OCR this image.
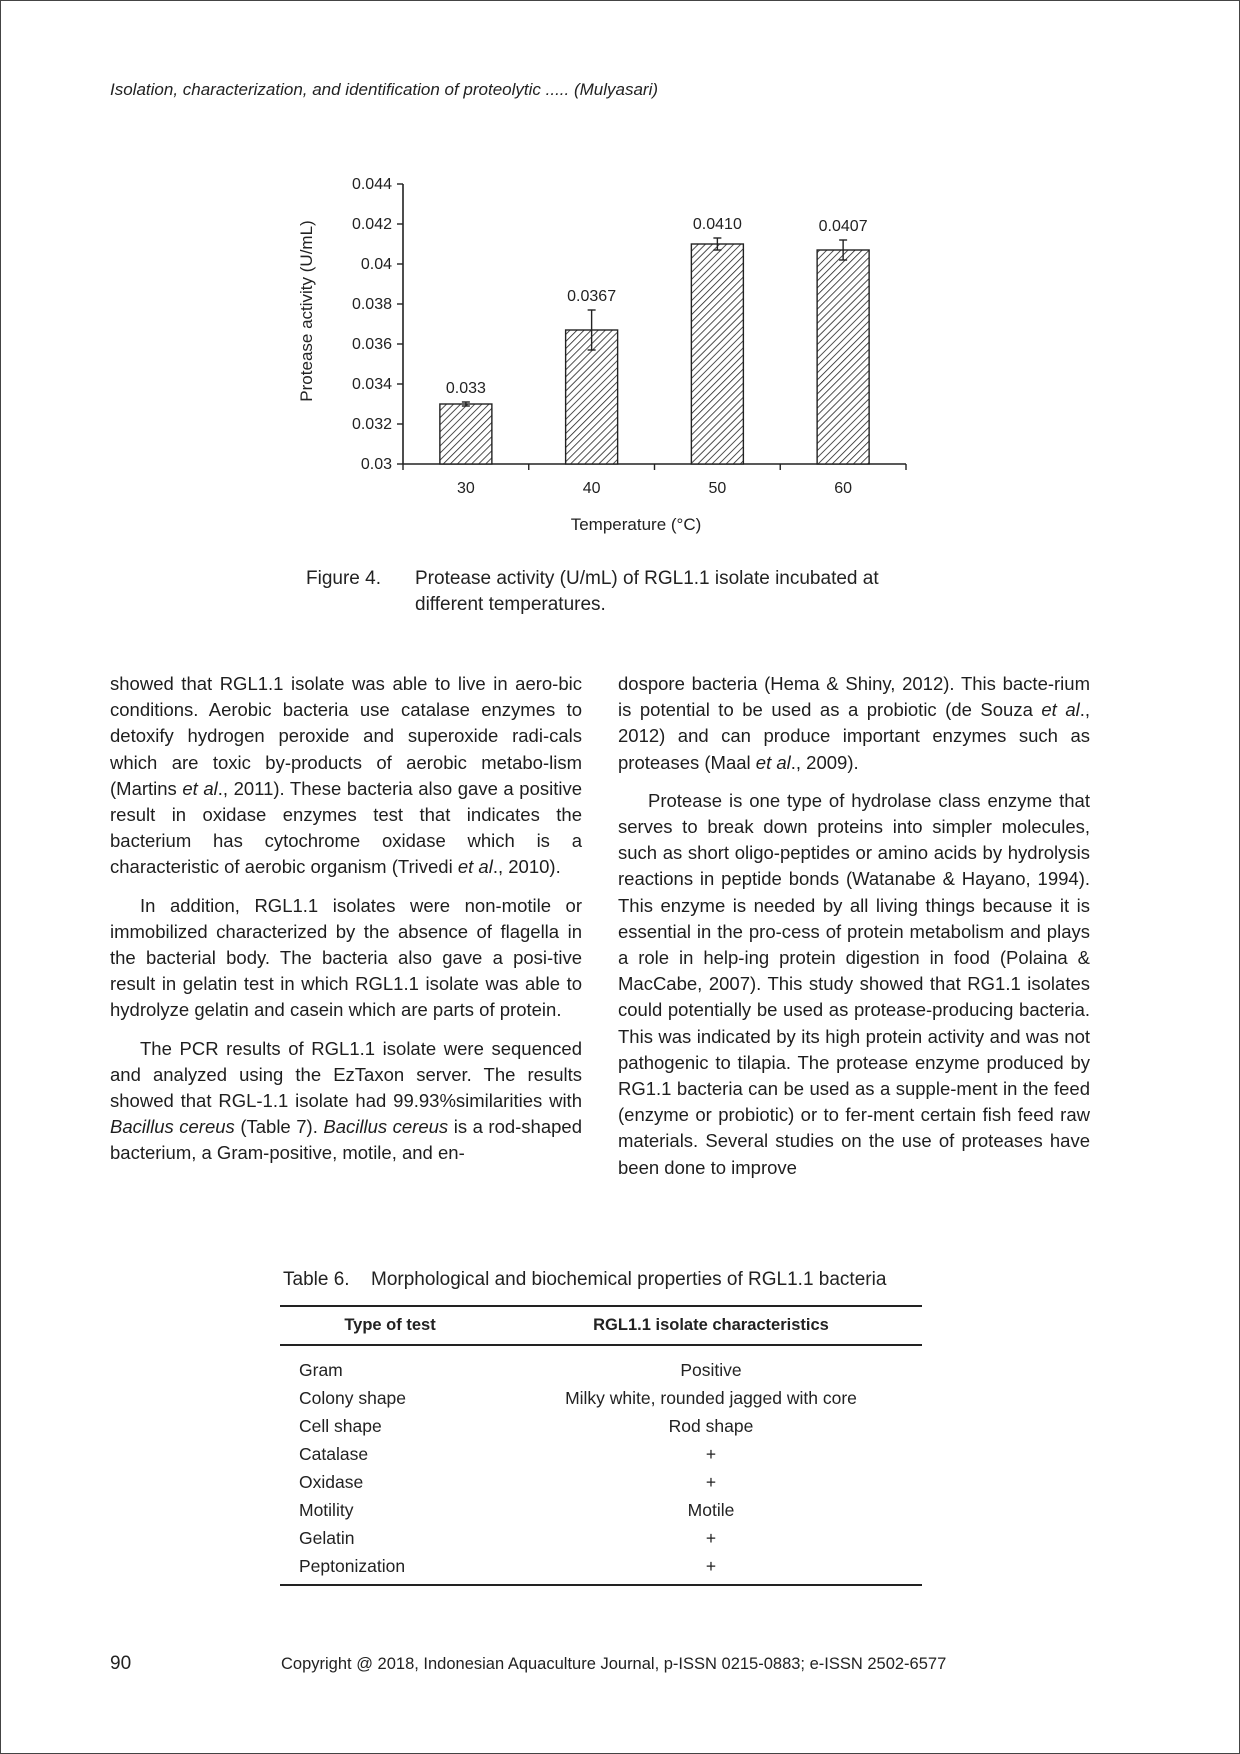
Isolation, characterization, and identification of proteolytic ..... (Mulyasari)
0.03
0.032
0.034
0.036
0.038
0.04
0.042
0.044
30	40	50	60
0.033
0.0367
0.0410	0.0407
Protease activity (U/mL)
Temperature (°C)
Figure 4. Protease activity (U/mL) of RGL1.1 isolate incubated at different temperatures.

showed that RGL1.1 isolate was able to live in aero-bic conditions. Aerobic bacteria use catalase enzymes to detoxify hydrogen peroxide and superoxide radi-cals which are toxic by-products of aerobic metabo-lism (Martins et al., 2011). These bacteria also gave a positive result in oxidase enzymes test that indicates the bacterium has cytochrome oxidase which is a characteristic of aerobic organism (Trivedi et al., 2010).

In addition, RGL1.1 isolates were non-motile or immobilized characterized by the absence of flagella in the bacterial body. The bacteria also gave a posi-tive result in gelatin test in which RGL1.1 isolate was able to hydrolyze gelatin and casein which are parts of protein.

The PCR results of RGL1.1 isolate were sequenced and analyzed using the EzTaxon server. The results showed that RGL-1.1 isolate had 99.93%similarities with Bacillus cereus (Table 7). Bacillus cereus is a rod-shaped bacterium, a Gram-positive, motile, and en-

dospore bacteria (Hema & Shiny, 2012). This bacte-rium is potential to be used as a probiotic (de Souza et al., 2012) and can produce important enzymes such as proteases (Maal et al., 2009).

Protease is one type of hydrolase class enzyme that serves to break down proteins into simpler molecules, such as short oligo-peptides or amino acids by hydrolysis reactions in peptide bonds (Watanabe & Hayano, 1994). This enzyme is needed by all living things because it is essential in the pro-cess of protein metabolism and plays a role in help-ing protein digestion in food (Polaina & MacCabe, 2007). This study showed that RG1.1 isolates could potentially be used as protease-producing bacteria. This was indicated by its high protein activity and was not pathogenic to tilapia. The protease enzyme produced by RG1.1 bacteria can be used as a supple-ment in the feed (enzyme or probiotic) or to fer-ment certain fish feed raw materials. Several studies on the use of proteases have been done to improve

Table 6. Morphological and biochemical properties of RGL1.1 bacteria
Type of test	RGL1.1 isolate characteristics
Gram	Positive
Colony shape	Milky white, rounded jagged with core
Cell shape	Rod shape
Catalase	+
Oxidase	+
Motility	Motile
Gelatin	+
Peptonization	+
90	Copyright @ 2018, Indonesian Aquaculture Journal, p-ISSN 0215-0883; e-ISSN 2502-6577
